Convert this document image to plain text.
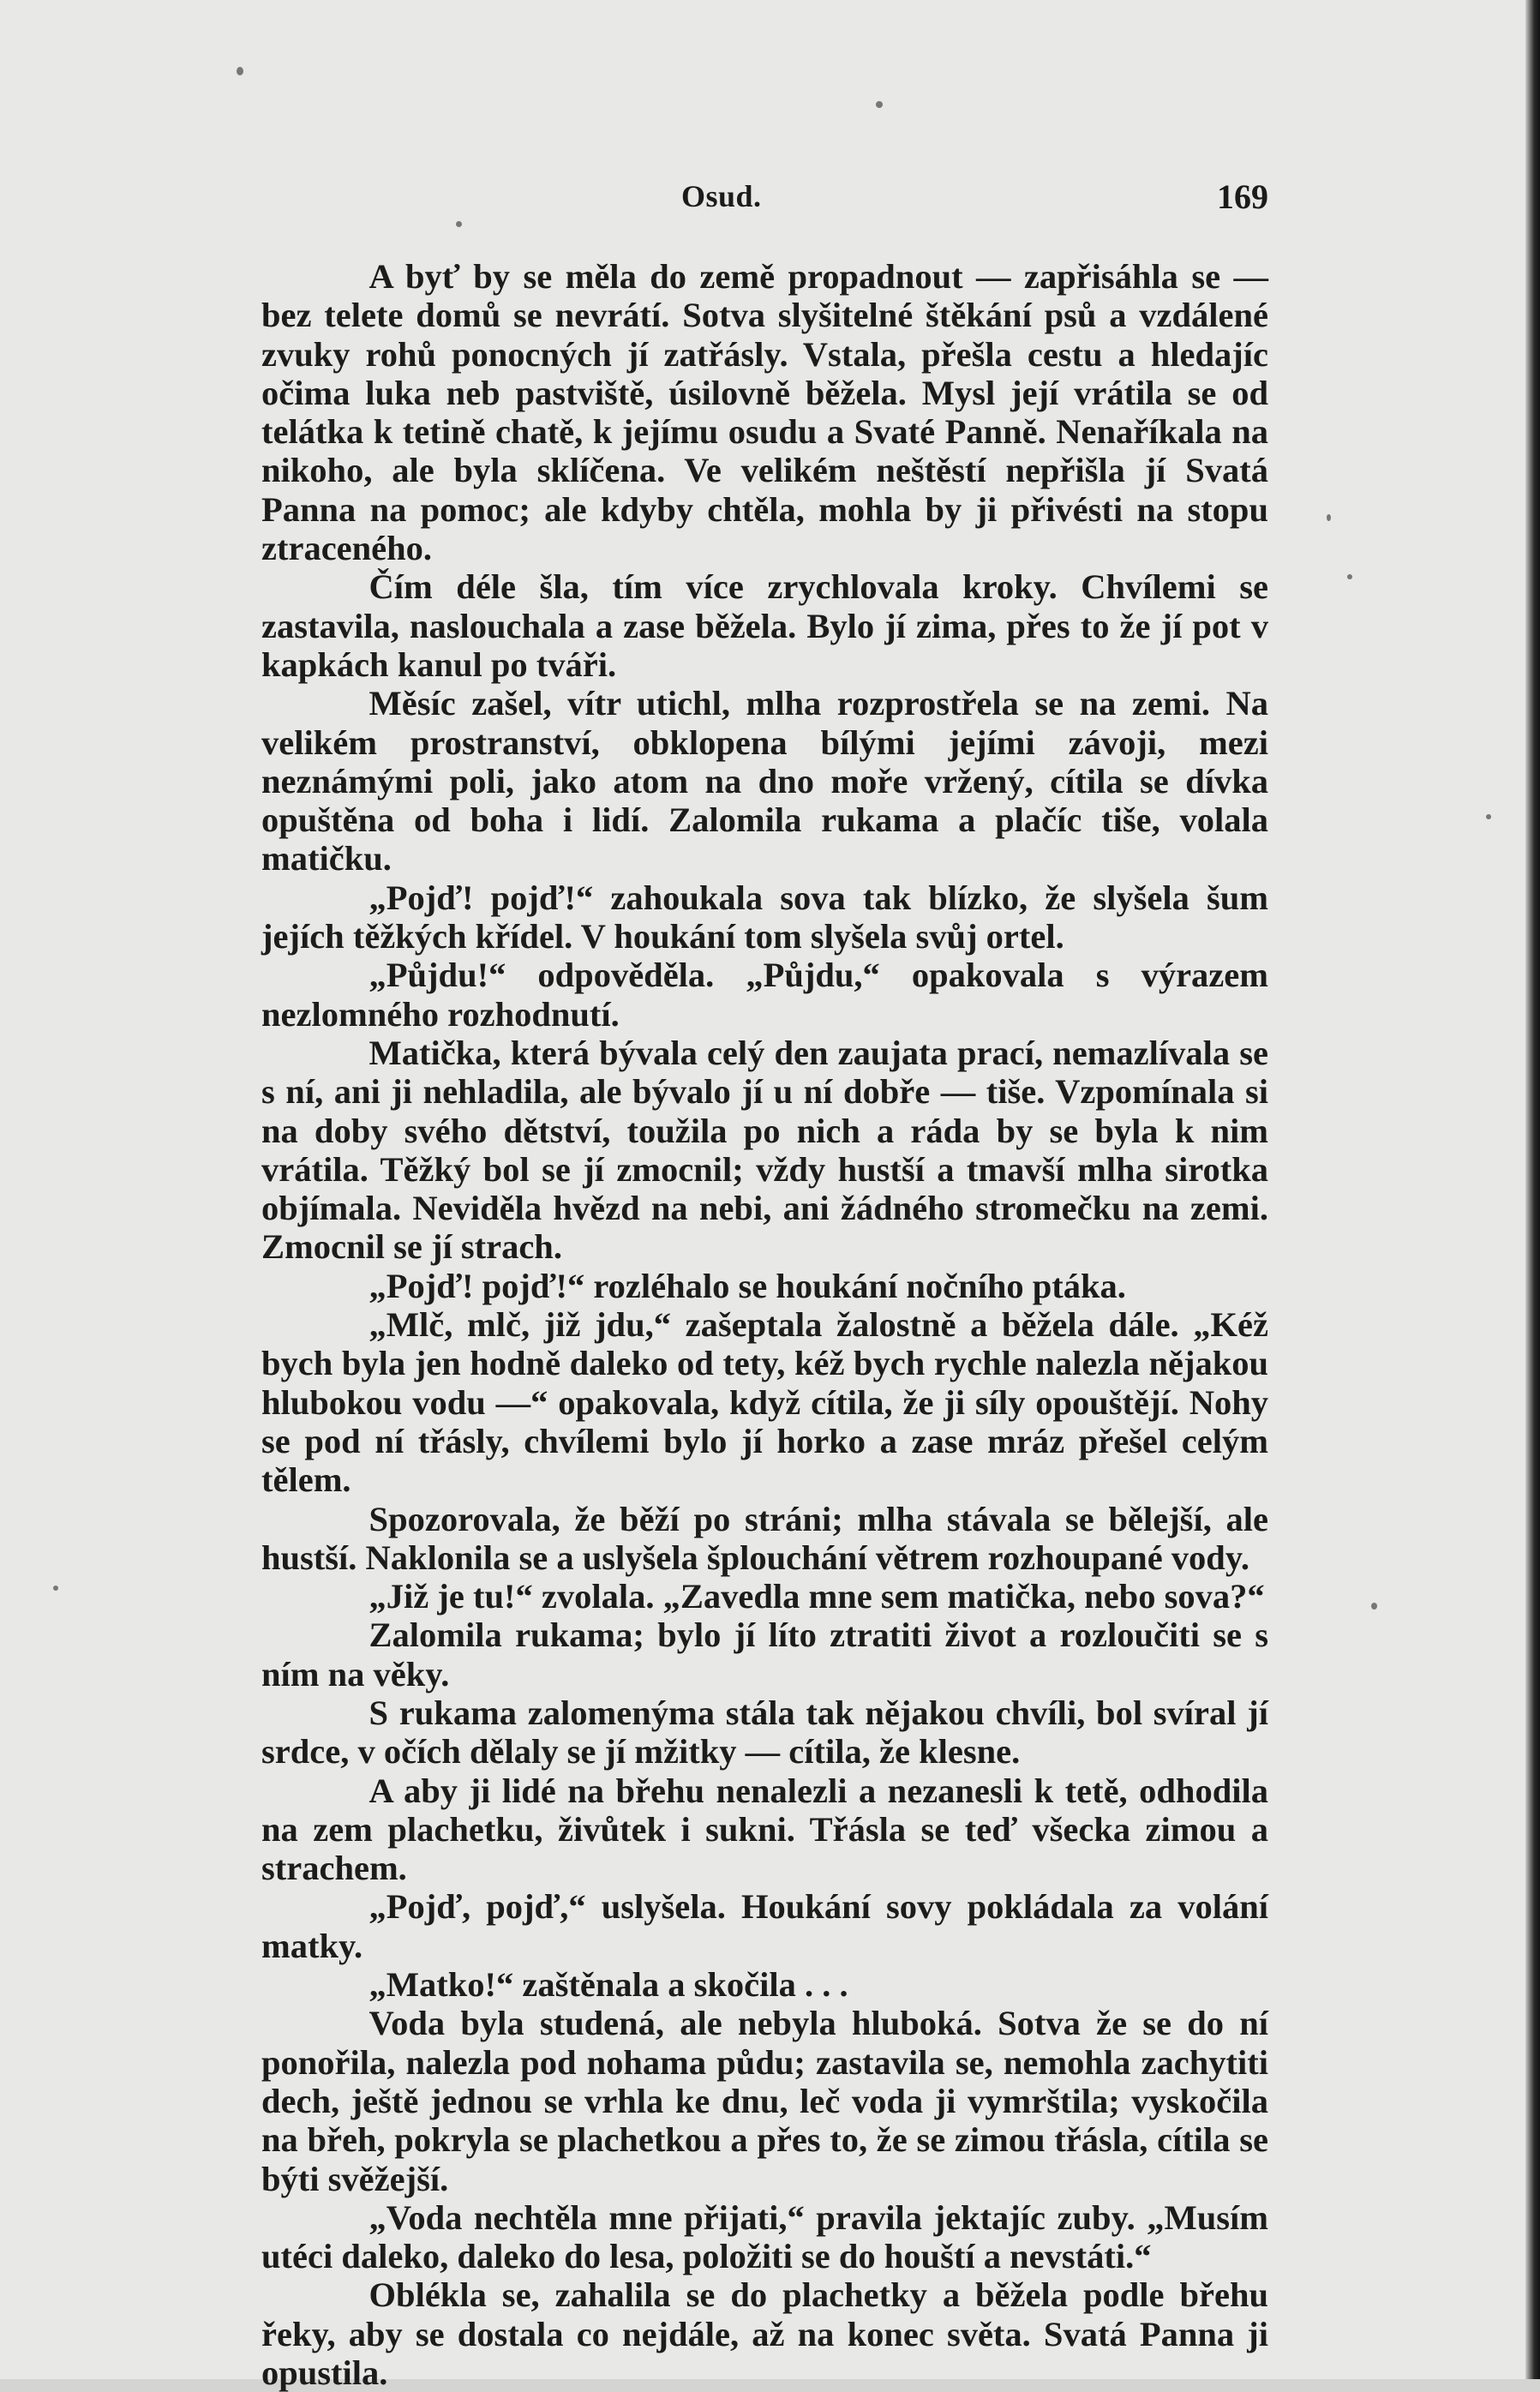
Osud.	169

A byť by se měla do země propadnout — zapřisáhla se — bez telete domů se nevrátí. Sotva slyšitelné štěkání psů a vzdálené zvuky rohů ponocných jí zatřásly. Vstala, přešla cestu a hledajíc očima luka neb pastviště, úsilovně běžela. Mysl její vrátila se od telátka k tetině chatě, k jejímu osudu a Svaté Panně. Nenaříkala na nikoho, ale byla sklíčena. Ve velikém neštěstí nepřišla jí Svatá Panna na pomoc; ale kdyby chtěla, mohla by ji přivésti na stopu ztraceného.

Čím déle šla, tím více zrychlovala kroky. Chvílemi se zastavila, naslouchala a zase běžela. Bylo jí zima, přes to že jí pot v kapkách kanul po tváři.

Měsíc zašel, vítr utichl, mlha rozprostřela se na zemi. Na velikém prostranství, obklopena bílými jejími závoji, mezi neznámými poli, jako atom na dno moře vržený, cítila se dívka opuštěna od boha i lidí. Zalomila rukama a plačíc tiše, volala matičku.

„Pojď! pojď!“ zahoukala sova tak blízko, že slyšela šum jejích těžkých křídel. V houkání tom slyšela svůj ortel.

„Půjdu!“ odpověděla. „Půjdu,“ opakovala s výrazem nezlomného rozhodnutí.

Matička, která bývala celý den zaujata prací, nemazlívala se s ní, ani ji nehladila, ale bývalo jí u ní dobře — tiše. Vzpomínala si na doby svého dětství, toužila po nich a ráda by se byla k nim vrátila. Těžký bol se jí zmocnil; vždy hustší a tmavší mlha sirotka objímala. Neviděla hvězd na nebi, ani žádného stromečku na zemi. Zmocnil se jí strach.

„Pojď! pojď!“ rozléhalo se houkání nočního ptáka.

„Mlč, mlč, již jdu,“ zašeptala žalostně a běžela dále. „Kéž bych byla jen hodně daleko od tety, kéž bych rychle nalezla nějakou hlubokou vodu —“ opakovala, když cítila, že ji síly opouštějí. Nohy se pod ní třásly, chvílemi bylo jí horko a zase mráz přešel celým tělem.

Spozorovala, že běží po stráni; mlha stávala se bělejší, ale hustší. Naklonila se a uslyšela šplouchání větrem rozhoupané vody.

„Již je tu!“ zvolala. „Zavedla mne sem matička, nebo sova?“

Zalomila rukama; bylo jí líto ztratiti život a rozloučiti se s ním na věky.

S rukama zalomenýma stála tak nějakou chvíli, bol svíral jí srdce, v očích dělaly se jí mžitky — cítila, že klesne.

A aby ji lidé na břehu nenalezli a nezanesli k tetě, odhodila na zem plachetku, živůtek i sukni. Třásla se teď všecka zimou a strachem.

„Pojď, pojď,“ uslyšela. Houkání sovy pokládala za volání matky.

„Matko!“ zaštěnala a skočila . . .

Voda byla studená, ale nebyla hluboká. Sotva že se do ní ponořila, nalezla pod nohama půdu; zastavila se, nemohla zachytiti dech, ještě jednou se vrhla ke dnu, leč voda ji vymrštila; vyskočila na břeh, pokryla se plachetkou a přes to, že se zimou třásla, cítila se býti svěžejší.

„Voda nechtěla mne přijati,“ pravila jektajíc zuby. „Musím utéci daleko, daleko do lesa, položiti se do houští a nevstáti.“

Oblékla se, zahalila se do plachetky a běžela podle břehu řeky, aby se dostala co nejdále, až na konec světa. Svatá Panna ji opustila.
